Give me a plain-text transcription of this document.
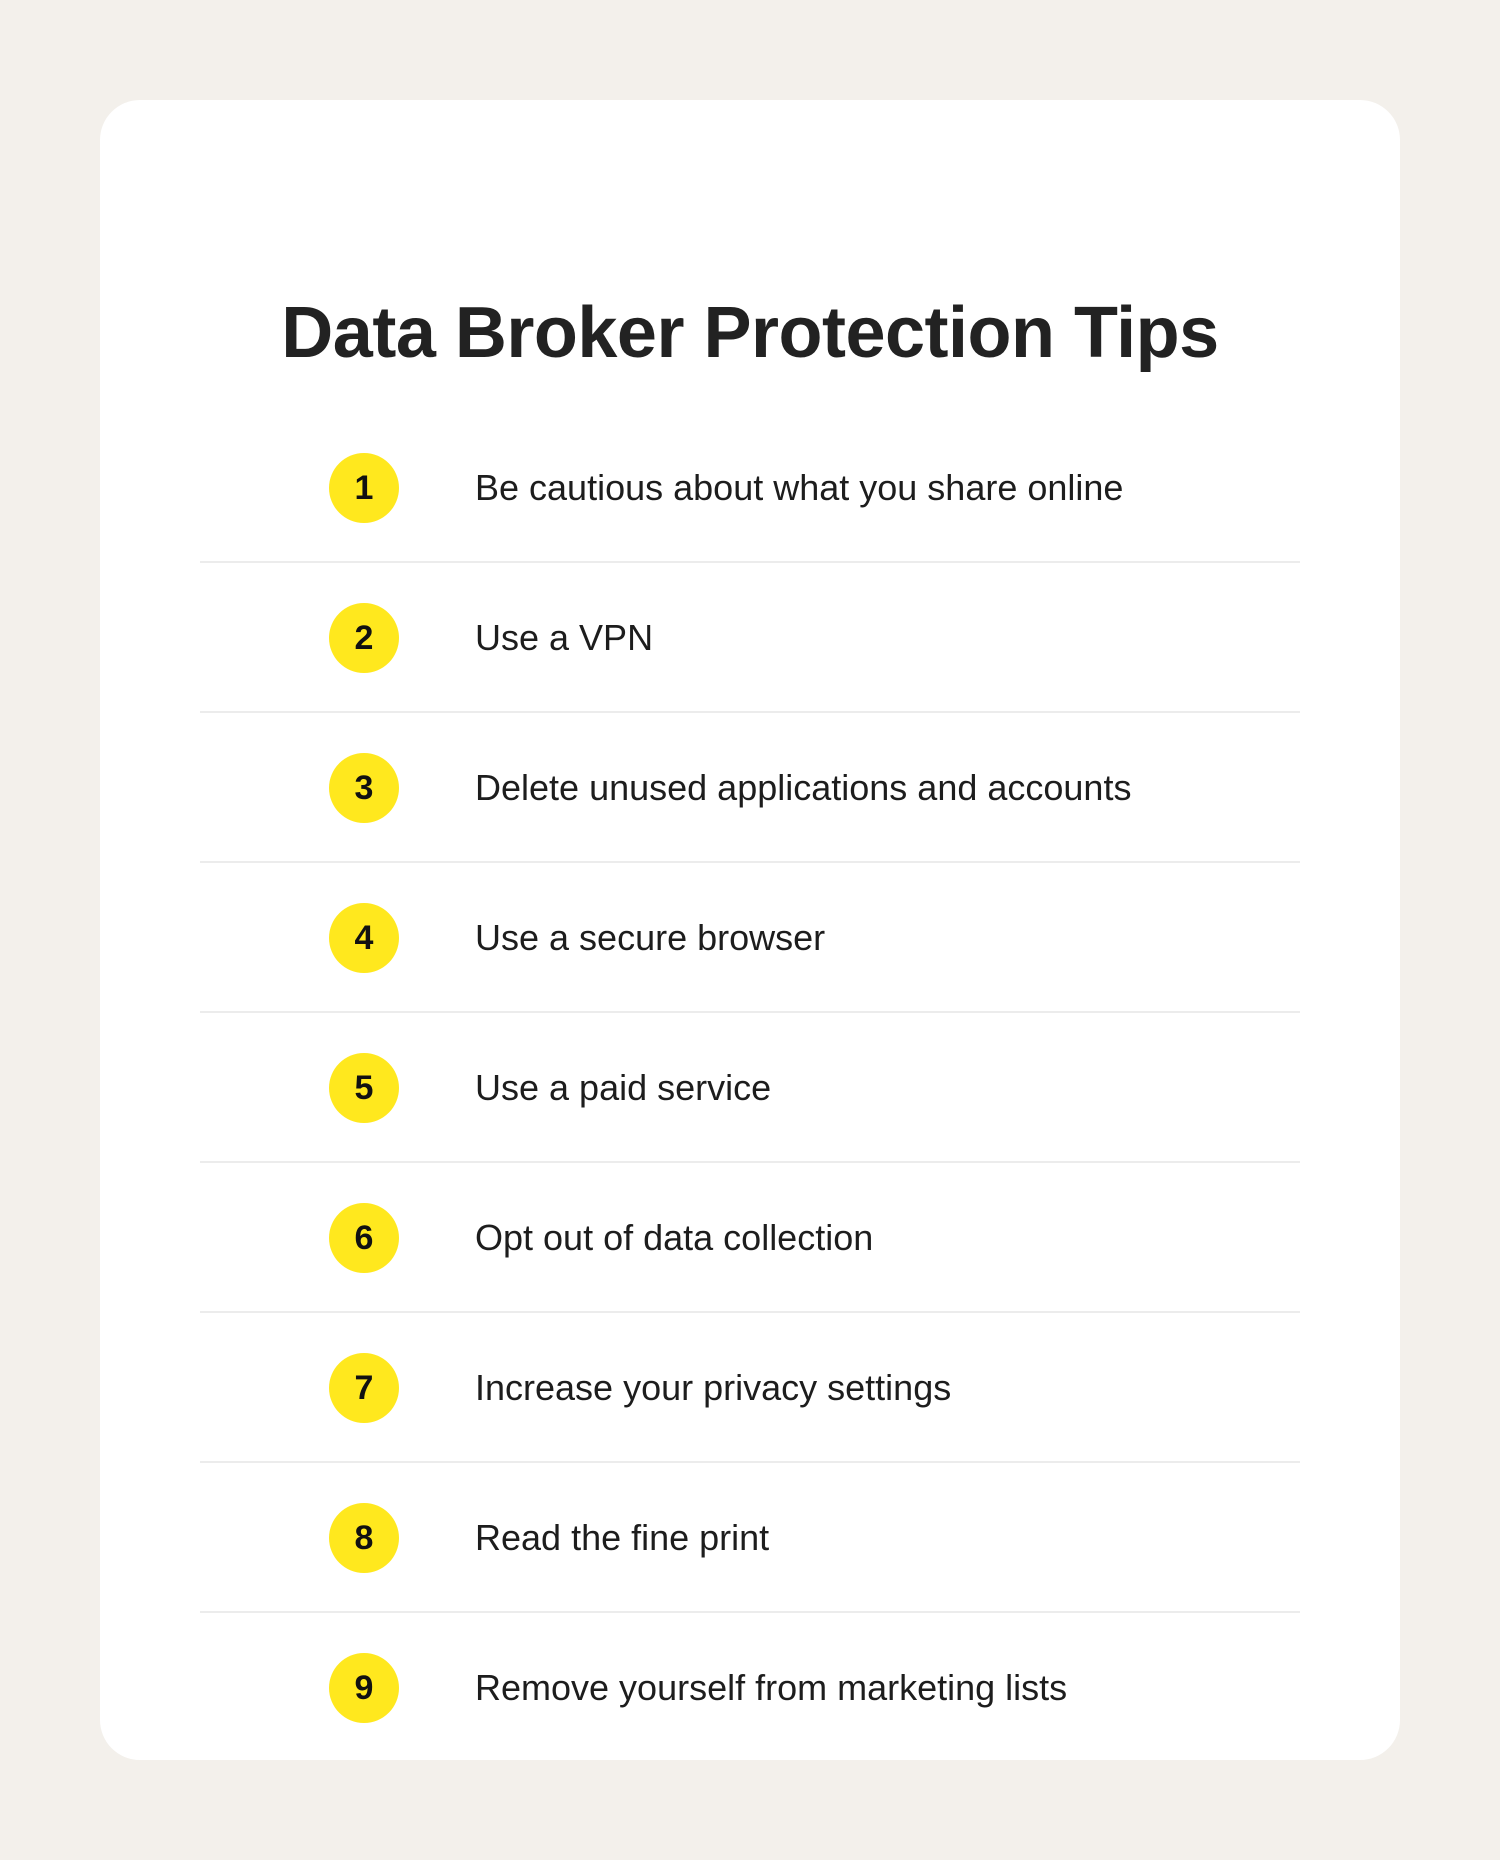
Data Broker Protection Tips
1	Be cautious about what you share online
2	Use a VPN
3	Delete unused applications and accounts
4	Use a secure browser
5	Use a paid service
6	Opt out of data collection
7	Increase your privacy settings
8	Read the fine print
9	Remove yourself from marketing lists
